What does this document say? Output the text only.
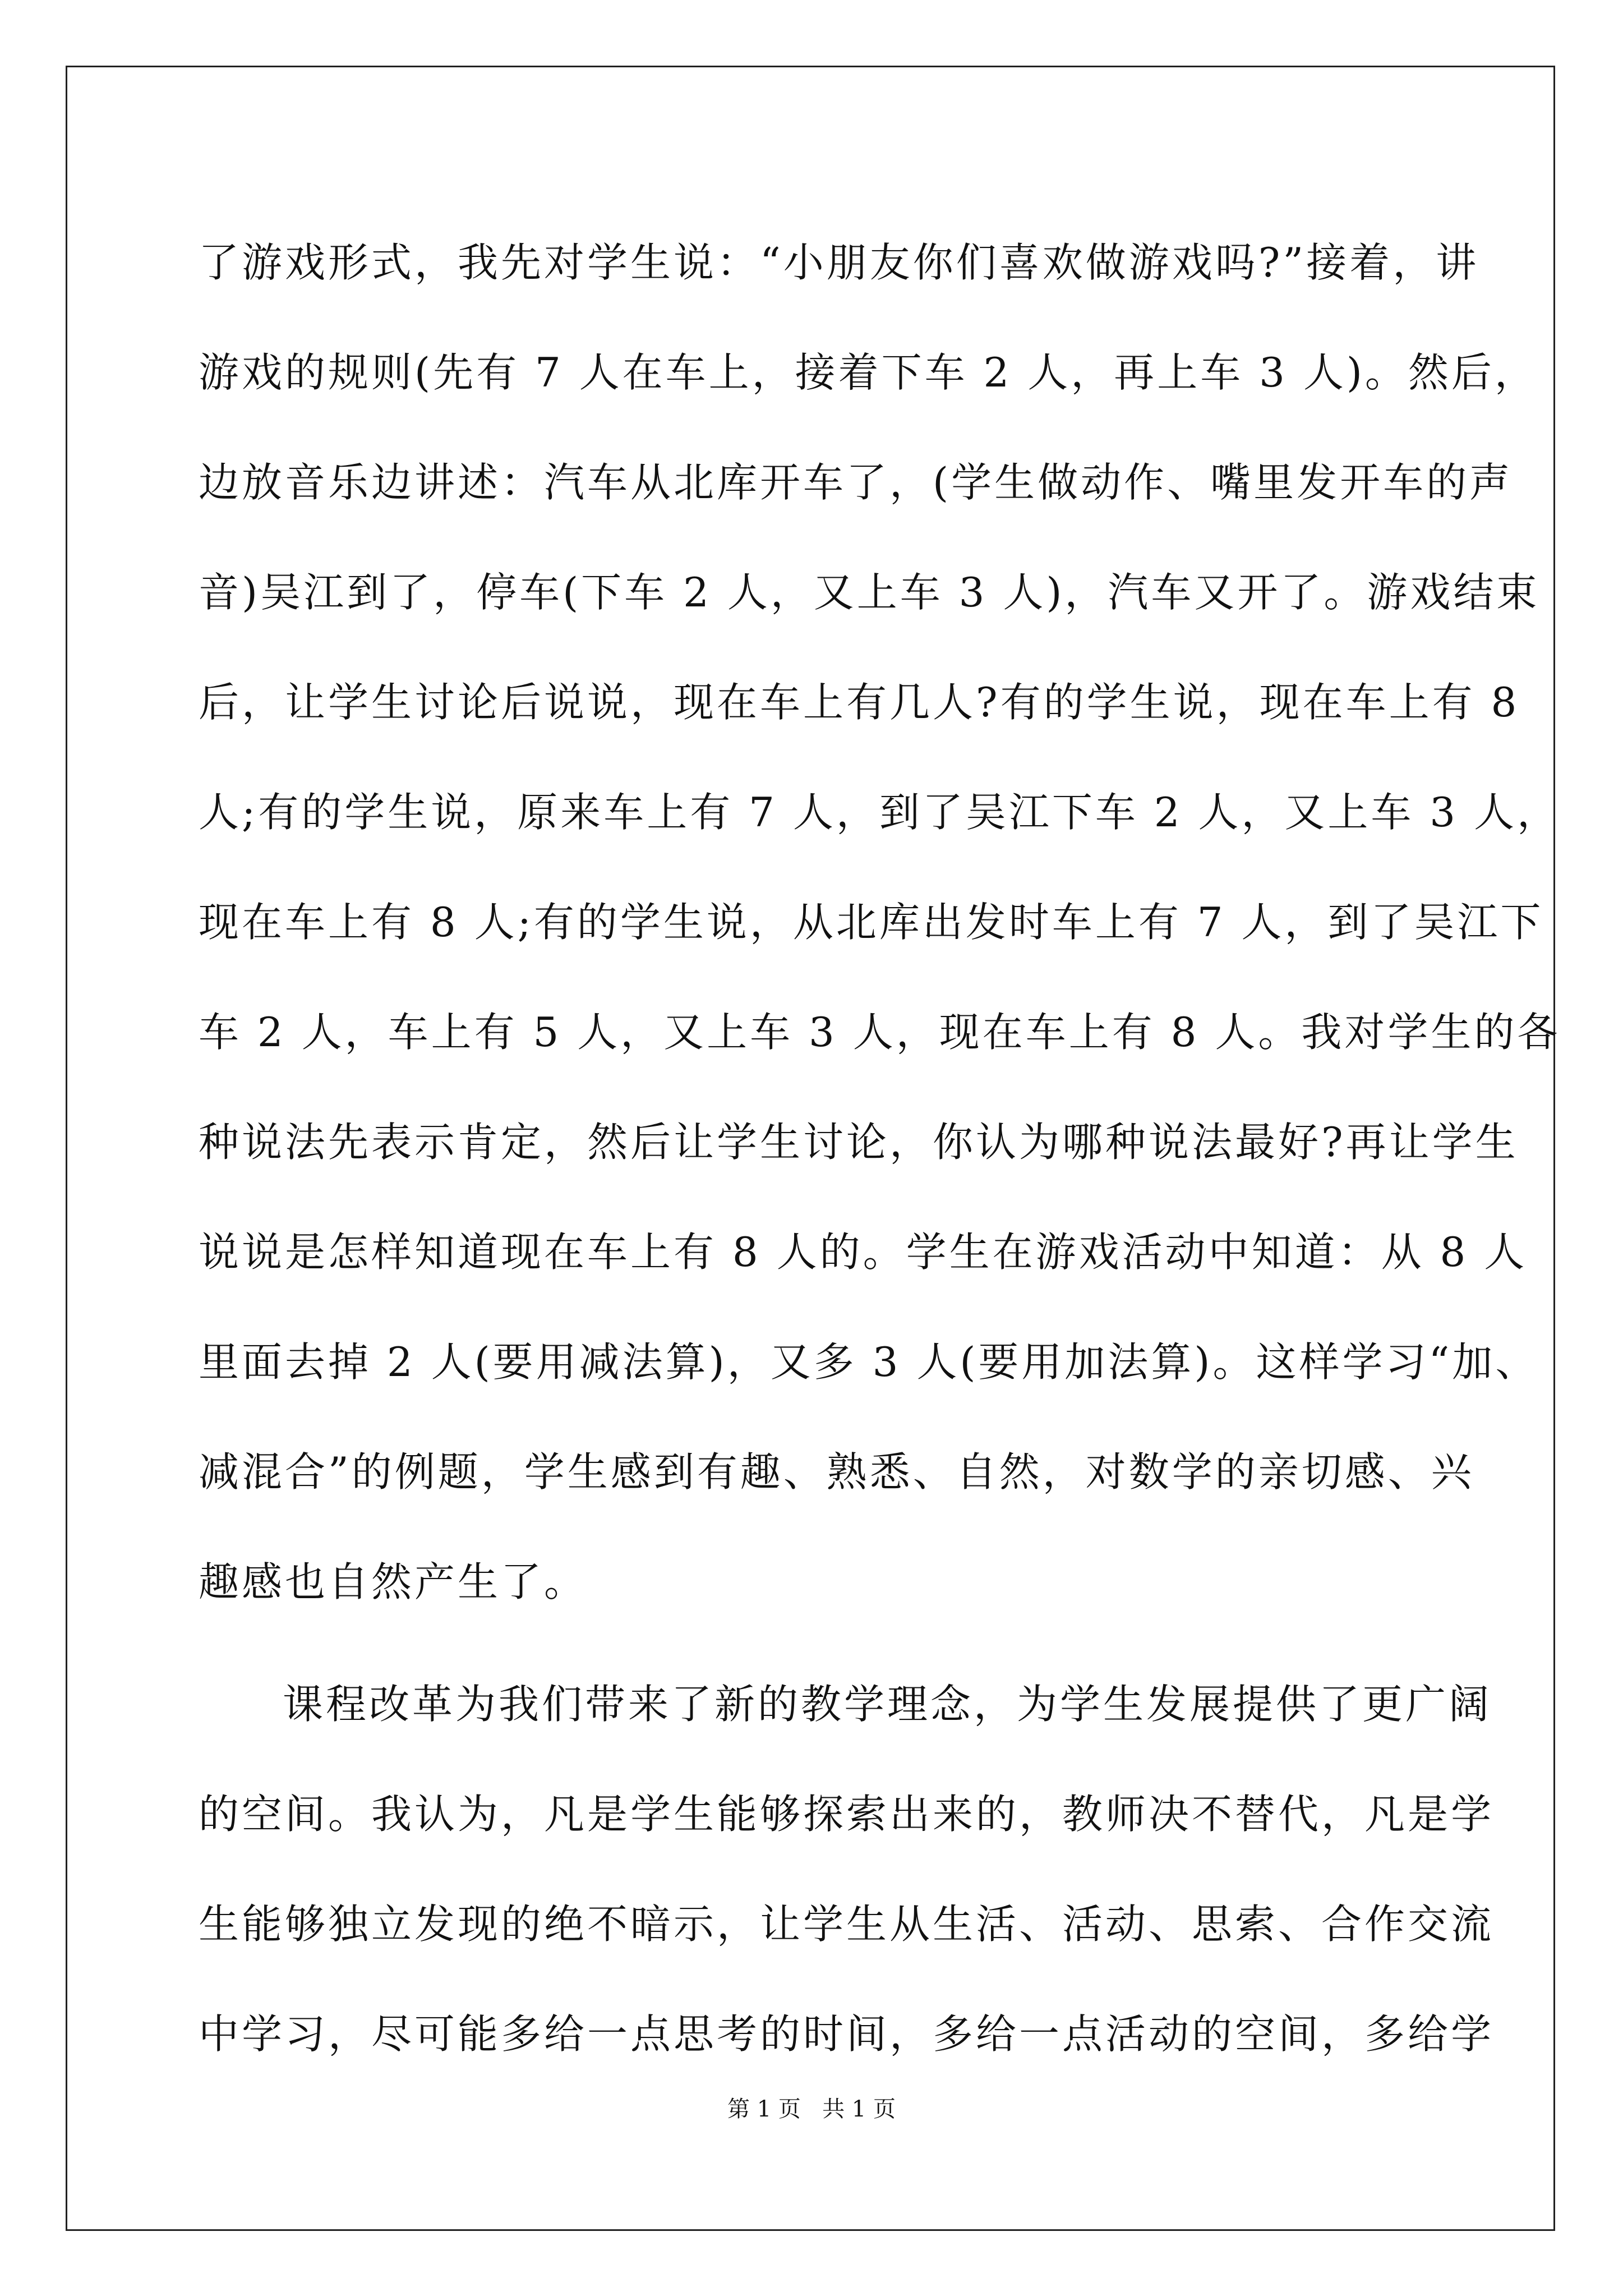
了游戏形式，我先对学生说：“小朋友你们喜欢做游戏吗?”接着，讲
游戏的规则(先有 7 人在车上，接着下车 2 人，再上车 3 人)。然后，
边放音乐边讲述：汽车从北库开车了，(学生做动作、嘴里发开车的声
音)吴江到了，停车(下车 2 人，又上车 3 人)，汽车又开了。游戏结束
后，让学生讨论后说说，现在车上有几人?有的学生说，现在车上有 8
人;有的学生说，原来车上有 7 人，到了吴江下车 2 人，又上车 3 人，
现在车上有 8 人;有的学生说，从北库出发时车上有 7 人，到了吴江下
车 2 人，车上有 5 人，又上车 3 人，现在车上有 8 人。我对学生的各
种说法先表示肯定，然后让学生讨论，你认为哪种说法最好?再让学生
说说是怎样知道现在车上有 8 人的。学生在游戏活动中知道：从 8 人
里面去掉 2 人(要用减法算)，又多 3 人(要用加法算)。这样学习“加、
减混合”的例题，学生感到有趣、熟悉、自然，对数学的亲切感、兴
趣感也自然产生了。
课程改革为我们带来了新的教学理念，为学生发展提供了更广阔
的空间。我认为，凡是学生能够探索出来的，教师决不替代，凡是学
生能够独立发现的绝不暗示，让学生从生活、活动、思索、合作交流
中学习，尽可能多给一点思考的时间，多给一点活动的空间，多给学
第 1 页   共 1 页
